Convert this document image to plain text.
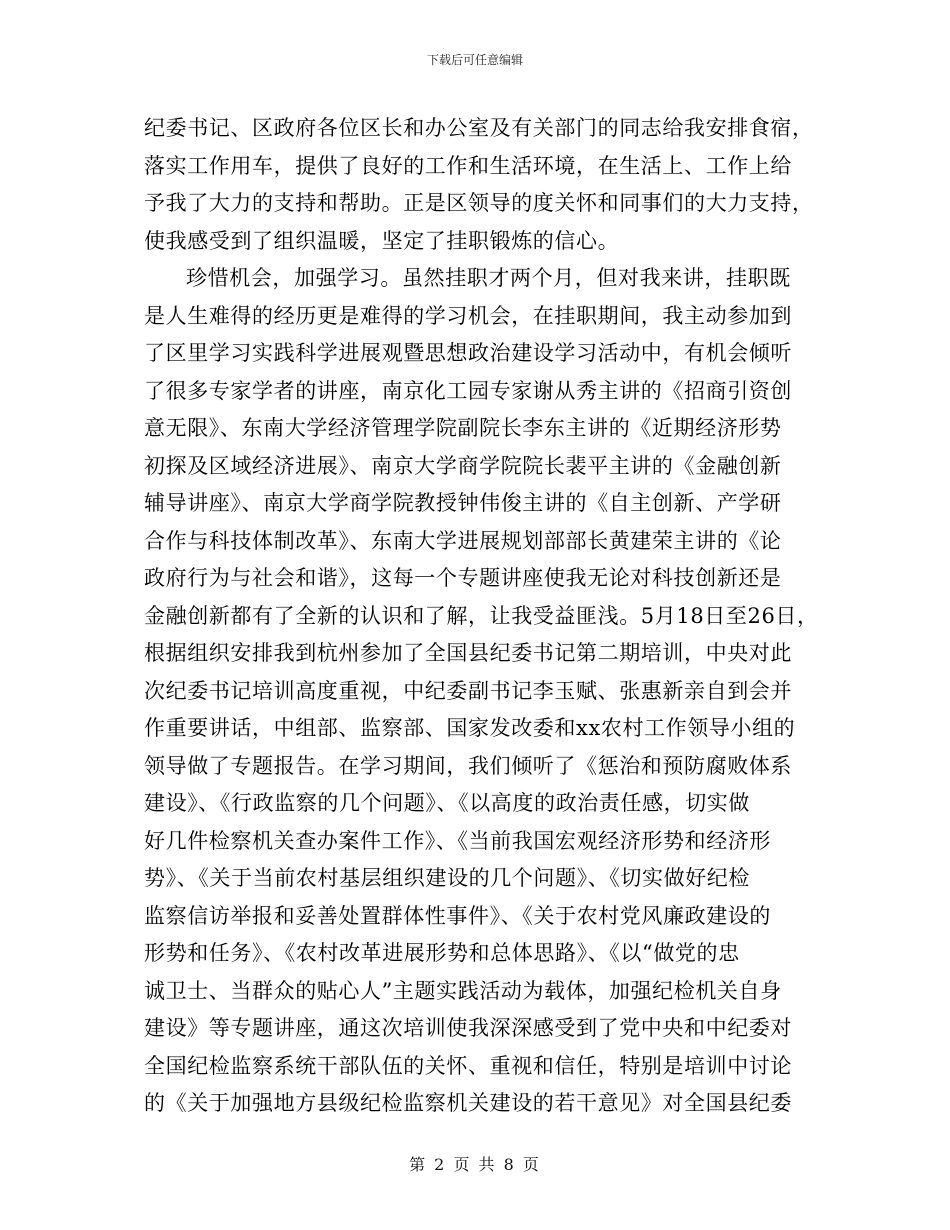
下载后可任意编辑
纪委书记、区政府各位区长和办公室及有关部门的同志给我安排食宿，
落实工作用车，提供了良好的工作和生活环境，在生活上、工作上给
予我了大力的支持和帮助。正是区领导的度关怀和同事们的大力支持，
使我感受到了组织温暖，坚定了挂职锻炼的信心。
珍惜机会，加强学习。虽然挂职才两个月，但对我来讲，挂职既
是人生难得的经历更是难得的学习机会，在挂职期间，我主动参加到
了区里学习实践科学进展观暨思想政治建设学习活动中，有机会倾听
了很多专家学者的讲座，南京化工园专家谢从秀主讲的《招商引资创
意无限》、东南大学经济管理学院副院长李东主讲的《近期经济形势
初探及区域经济进展》、南京大学商学院院长裴平主讲的《金融创新
辅导讲座》、南京大学商学院教授钟伟俊主讲的《自主创新、产学研
合作与科技体制改革》、东南大学进展规划部部长黄建荣主讲的《论
政府行为与社会和谐》，这每一个专题讲座使我无论对科技创新还是
金融创新都有了全新的认识和了解，让我受益匪浅。5月18日至26日，
根据组织安排我到杭州参加了全国县纪委书记第二期培训，中央对此
次纪委书记培训高度重视，中纪委副书记李玉赋、张惠新亲自到会并
作重要讲话，中组部、监察部、国家发改委和xx农村工作领导小组的
领导做了专题报告。在学习期间，我们倾听了《惩治和预防腐败体系
建设》、《行政监察的几个问题》、《以高度的政治责任感，切实做
好几件检察机关查办案件工作》、《当前我国宏观经济形势和经济形
势》、《关于当前农村基层组织建设的几个问题》、《切实做好纪检
监察信访举报和妥善处置群体性事件》、《关于农村党风廉政建设的
形势和任务》、《农村改革进展形势和总体思路》、《以“做党的忠
诚卫士、当群众的贴心人”主题实践活动为载体，加强纪检机关自身
建设》等专题讲座，通这次培训使我深深感受到了党中央和中纪委对
全国纪检监察系统干部队伍的关怀、重视和信任，特别是培训中讨论
的《关于加强地方县级纪检监察机关建设的若干意见》对全国县纪委
第 2 页 共 8 页
